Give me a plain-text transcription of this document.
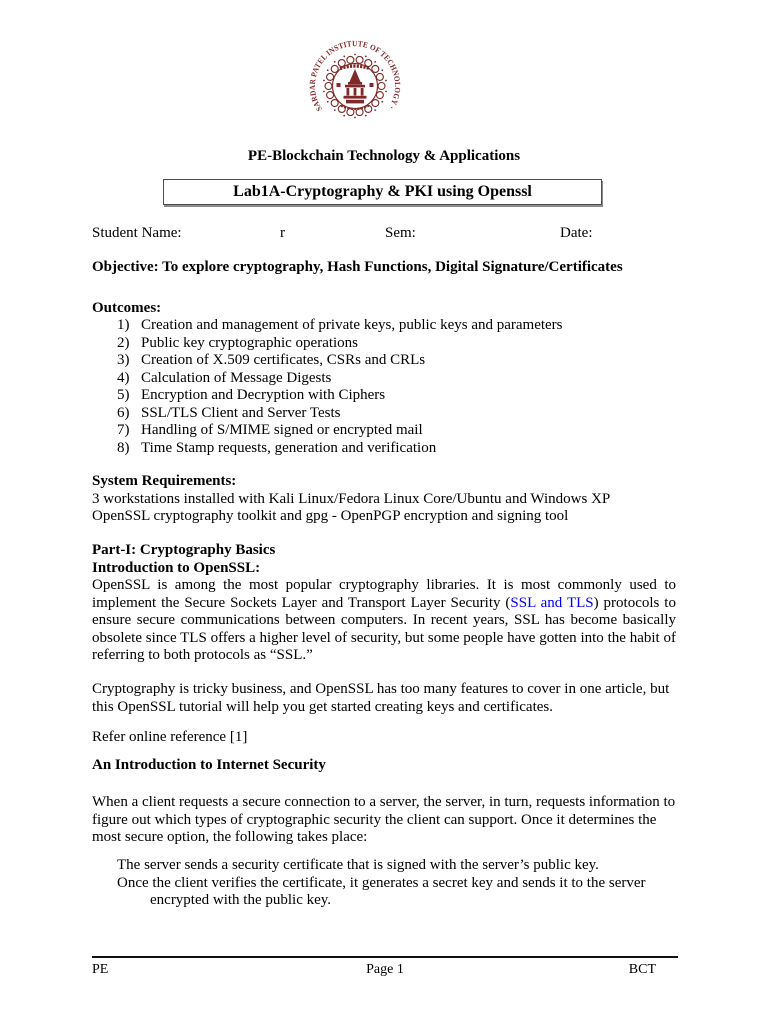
SARDAR PATEL INSTITUTE OF TECHNOLOGY ·
PE-Blockchain Technology & Applications
Lab1A-Cryptography & PKI using Openssl
Student Name:	r	Sem:	Date:
Objective: To explore cryptography, Hash Functions, Digital Signature/Certificates
Outcomes:
1) Creation and management of private keys, public keys and parameters
2) Public key cryptographic operations
3) Creation of X.509 certificates, CSRs and CRLs
4) Calculation of Message Digests
5) Encryption and Decryption with Ciphers
6) SSL/TLS Client and Server Tests
7) Handling of S/MIME signed or encrypted mail
8) Time Stamp requests, generation and verification
System Requirements:
3 workstations installed with Kali Linux/Fedora Linux Core/Ubuntu and Windows XP
OpenSSL cryptography toolkit and gpg - OpenPGP encryption and signing tool
Part-I: Cryptography Basics
Introduction to OpenSSL:
OpenSSL is among the most popular cryptography libraries. It is most commonly used to implement the Secure Sockets Layer and Transport Layer Security (SSL and TLS) protocols to ensure secure communications between computers. In recent years, SSL has become basically obsolete since TLS offers a higher level of security, but some people have gotten into the habit of referring to both protocols as “SSL.”
Cryptography is tricky business, and OpenSSL has too many features to cover in one article, but this OpenSSL tutorial will help you get started creating keys and certificates.
Refer online reference [1]
An Introduction to Internet Security
When a client requests a secure connection to a server, the server, in turn, requests information to figure out which types of cryptographic security the client can support. Once it determines the most secure option, the following takes place:
The server sends a security certificate that is signed with the server’s public key.
Once the client verifies the certificate, it generates a secret key and sends it to the server encrypted with the public key.
PE	Page 1	BCT
